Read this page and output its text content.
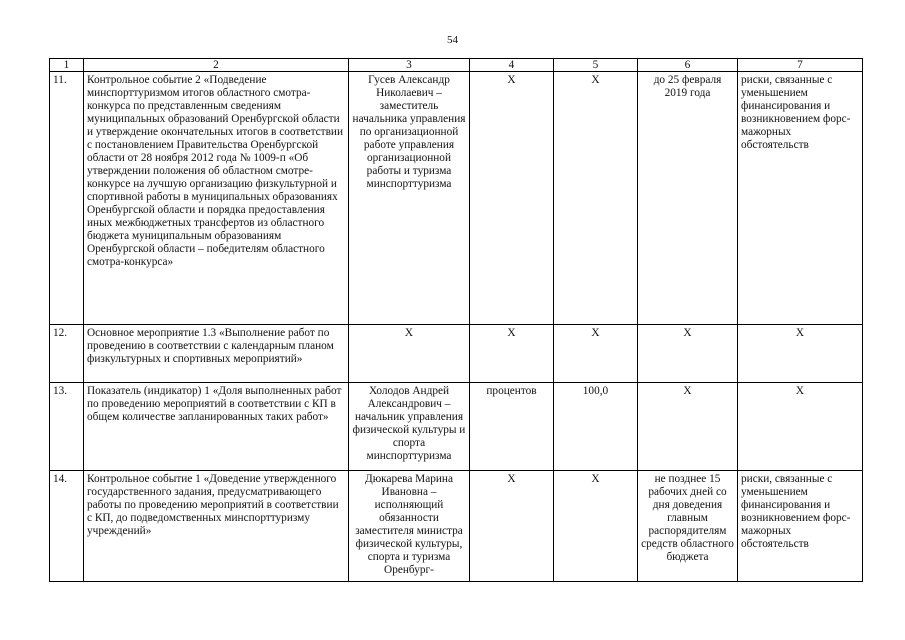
54
1	2	3	4	5	6	7
11.	Контрольное событие 2 «Подведение минспорттуризмом итогов областного смотра-конкурса по представленным сведениям муниципальных образований Оренбургской области и утверждение окончательных итогов в соответствии с постановлением Правительства Оренбургской области от 28 ноября 2012 года № 1009-п «Об утверждении положения об областном смотре-конкурсе на лучшую организацию физкультурной и спортивной работы в муниципальных образованиях Оренбургской области и порядка предоставления иных межбюджетных трансфертов из областного бюджета муниципальным образованиям Оренбургской области – победителям областного смотра-конкурса»	Гусев Александр Николаевич – заместитель начальника управления по организационной работе управления организационной работы и туризма минспорттуризма	Х	Х	до 25 февраля 2019 года	риски, связанные с уменьшением финансирования и возникновением форс-мажорных обстоятельств
12.	Основное мероприятие 1.3 «Выполнение работ по проведению в соответствии с календарным планом физкультурных и спортивных мероприятий»	Х	Х	Х	Х	Х
13.	Показатель (индикатор) 1 «Доля выполненных работ по проведению мероприятий в соответствии с КП в общем количестве запланированных таких работ»	Холодов Андрей Александрович – начальник управления физической культуры и спорта минспорттуризма	процентов	100,0	Х	Х
14.	Контрольное событие 1 «Доведение утвержденного государственного задания, предусматривающего работы по проведению мероприятий в соответствии с КП, до подведомственных минспорттуризму учреждений»	Дюкарева Марина Ивановна – исполняющий обязанности заместителя министра физической культуры, спорта и туризма Оренбург-	Х	Х	не позднее 15 рабочих дней со дня доведения главным распорядителям средств областного бюджета	риски, связанные с уменьшением финансирования и возникновением форс-мажорных обстоятельств
